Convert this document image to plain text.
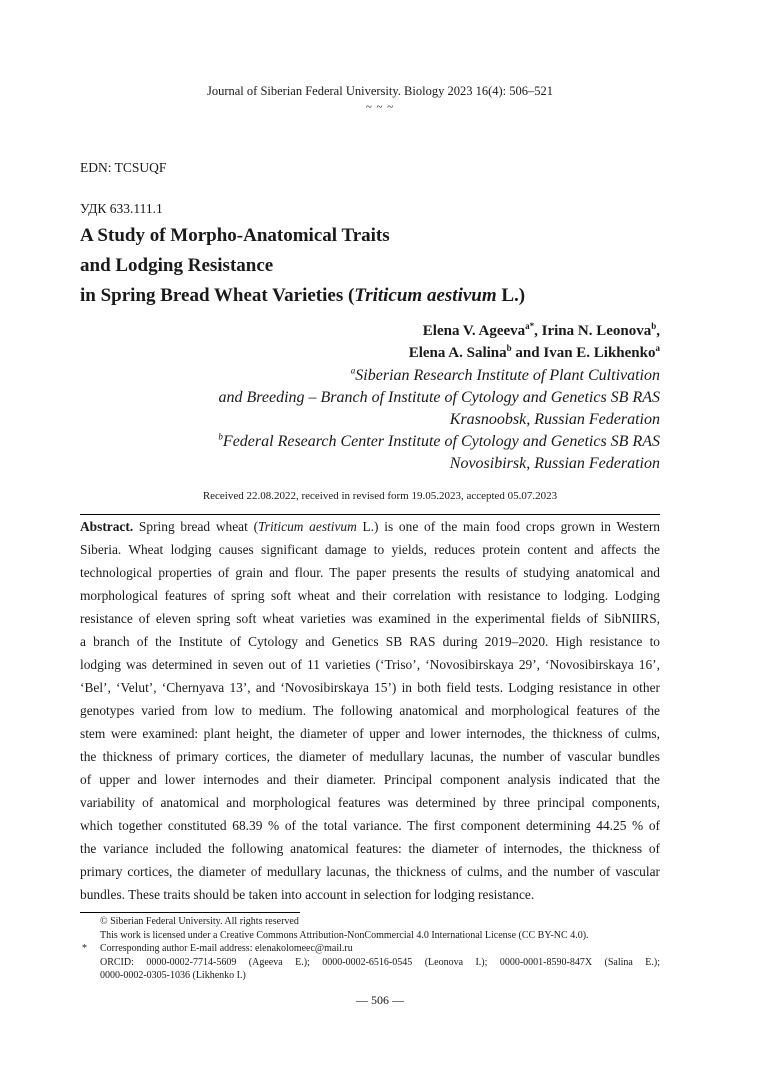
Journal of Siberian Federal University. Biology 2023 16(4): 506–521
~ ~ ~
EDN: TCSUQF
УДК 633.111.1
A Study of Morpho-Anatomical Traits
and Lodging Resistance
in Spring Bread Wheat Varieties (Triticum aestivum L.)
Elena V. Ageeva$^{a*}$, Irina N. Leonova$^b$,
Elena A. Salina$^b$ and Ivan E. Likhenko$^a$
$^a$Siberian Research Institute of Plant Cultivation
and Breeding – Branch of Institute of Cytology and Genetics SB RAS
Krasnoobsk, Russian Federation
$^b$Federal Research Center Institute of Cytology and Genetics SB RAS
Novosibirsk, Russian Federation
Received 22.08.2022, received in revised form 19.05.2023, accepted 05.07.2023
Abstract. Spring bread wheat (Triticum aestivum L.) is one of the main food crops grown in Western
Siberia. Wheat lodging causes significant damage to yields, reduces protein content and affects the
technological properties of grain and flour. The paper presents the results of studying anatomical and
morphological features of spring soft wheat and their correlation with resistance to lodging. Lodging
resistance of eleven spring soft wheat varieties was examined in the experimental fields of SibNIIRS,
a branch of the Institute of Cytology and Genetics SB RAS during 2019–2020. High resistance to
lodging was determined in seven out of 11 varieties (‘Triso’, ‘Novosibirskaya 29’, ‘Novosibirskaya 16’,
‘Bel’, ‘Velut’, ‘Chernyava 13’, and ‘Novosibirskaya 15’) in both field tests. Lodging resistance in other
genotypes varied from low to medium. The following anatomical and morphological features of the
stem were examined: plant height, the diameter of upper and lower internodes, the thickness of culms,
the thickness of primary cortices, the diameter of medullary lacunas, the number of vascular bundles
of upper and lower internodes and their diameter. Principal component analysis indicated that the
variability of anatomical and morphological features was determined by three principal components,
which together constituted 68.39 % of the total variance. The first component determining 44.25 % of
the variance included the following anatomical features: the diameter of internodes, the thickness of
primary cortices, the diameter of medullary lacunas, the thickness of culms, and the number of vascular
bundles. These traits should be taken into account in selection for lodging resistance.
© Siberian Federal University. All rights reserved
This work is licensed under a Creative Commons Attribution-NonCommercial 4.0 International License (CC BY-NC 4.0).
* Corresponding author E-mail address: elenakolomeec@mail.ru
ORCID: 0000-0002-7714-5609 (Ageeva E.); 0000-0002-6516-0545 (Leonova I.); 0000-0001-8590-847X (Salina E.);
0000-0002-0305-1036 (Likhenko I.)
— 506 —
